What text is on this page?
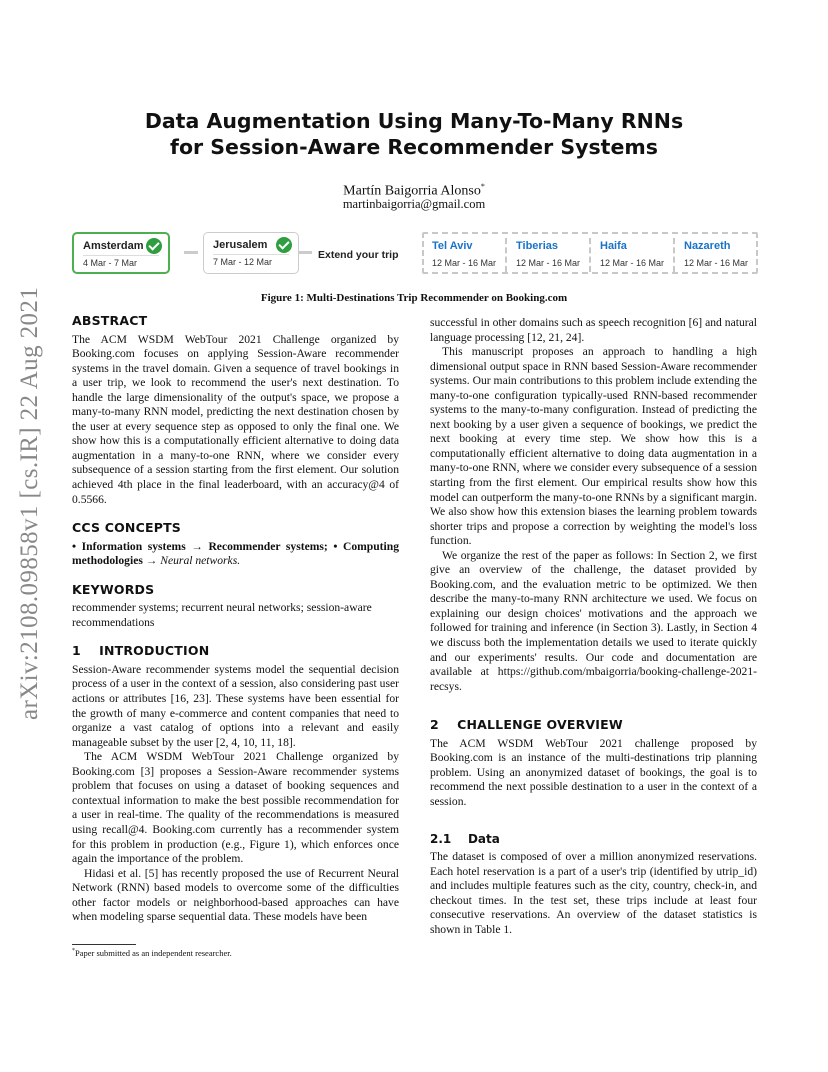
Data Augmentation Using Many-To-Many RNNs
for Session-Aware Recommender Systems
Martín Baigorria Alonso*
martinbaigorria@gmail.com
Amsterdam
4 Mar - 7 Mar
Jerusalem
7 Mar - 12 Mar
Extend your trip
Tel Aviv
12 Mar - 16 Mar
Tiberias
12 Mar - 16 Mar
Haifa
12 Mar - 16 Mar
Nazareth
12 Mar - 16 Mar
Figure 1: Multi-Destinations Trip Recommender on Booking.com
arXiv:2108.09858v1 [cs.IR] 22 Aug 2021	ABSTRACT

The ACM WSDM WebTour 2021 Challenge organized by Booking.com focuses on applying Session-Aware recommender systems in the travel domain. Given a sequence of travel bookings in a user trip, we look to recommend the user's next destination. To handle the large dimensionality of the output's space, we propose a many-to-many RNN model, predicting the next destination chosen by the user at every sequence step as opposed to only the final one. We show how this is a computationally efficient alternative to doing data augmentation in a many-to-one RNN, where we consider every subsequence of a session starting from the first element. Our solution achieved 4th place in the final leaderboard, with an accuracy@4 of 0.5566.

CCS CONCEPTS

• Information systems → Recommender systems; • Computing methodologies → Neural networks.

KEYWORDS

recommender systems; recurrent neural networks; session-aware recommendations

1    INTRODUCTION

Session-Aware recommender systems model the sequential decision process of a user in the context of a session, also considering past user actions or attributes [16, 23]. These systems have been essential for the growth of many e-commerce and content companies that need to organize a vast catalog of options into a relevant and easily manageable subset by the user [2, 4, 10, 11, 18].

The ACM WSDM WebTour 2021 Challenge organized by Booking.com [3] proposes a Session-Aware recommender systems problem that focuses on using a dataset of booking sequences and contextual information to make the best possible recommendation for a user in real-time. The quality of the recommendations is measured using recall@4. Booking.com currently has a recommender system for this problem in production (e.g., Figure 1), which enforces once again the importance of the problem.

Hidasi et al. [5] has recently proposed the use of Recurrent Neural Network (RNN) based models to overcome some of the difficulties other factor models or neighborhood-based approaches can have when modeling sparse sequential data. These models have been

*Paper submitted as an independent researcher.

successful in other domains such as speech recognition [6] and natural language processing [12, 21, 24].

This manuscript proposes an approach to handling a high dimensional output space in RNN based Session-Aware recommender systems. Our main contributions to this problem include extending the many-to-one configuration typically-used RNN-based recommender systems to the many-to-many configuration. Instead of predicting the next booking by a user given a sequence of bookings, we predict the next booking at every time step. We show how this is a computationally efficient alternative to doing data augmentation in a many-to-one RNN, where we consider every subsequence of a session starting from the first element. Our empirical results show how this model can outperform the many-to-one RNNs by a significant margin. We also show how this extension biases the learning problem towards shorter trips and propose a correction by weighting the model's loss function.

We organize the rest of the paper as follows: In Section 2, we first give an overview of the challenge, the dataset provided by Booking.com, and the evaluation metric to be optimized. We then describe the many-to-many RNN architecture we used. We focus on explaining our design choices' motivations and the approach we followed for training and inference (in Section 3). Lastly, in Section 4 we discuss both the implementation details we used to iterate quickly and our experiments' results. Our code and documentation are available at https://github.com/mbaigorria/booking-challenge-2021-recsys.

2    CHALLENGE OVERVIEW

The ACM WSDM WebTour 2021 challenge proposed by Booking.com is an instance of the multi-destinations trip planning problem. Using an anonymized dataset of bookings, the goal is to recommend the next possible destination to a user in the context of a session.

2.1    Data

The dataset is composed of over a million anonymized reservations. Each hotel reservation is a part of a user's trip (identified by utrip_id) and includes multiple features such as the city, country, check-in, and checkout times. In the test set, these trips include at least four consecutive reservations. An overview of the dataset statistics is shown in Table 1.
